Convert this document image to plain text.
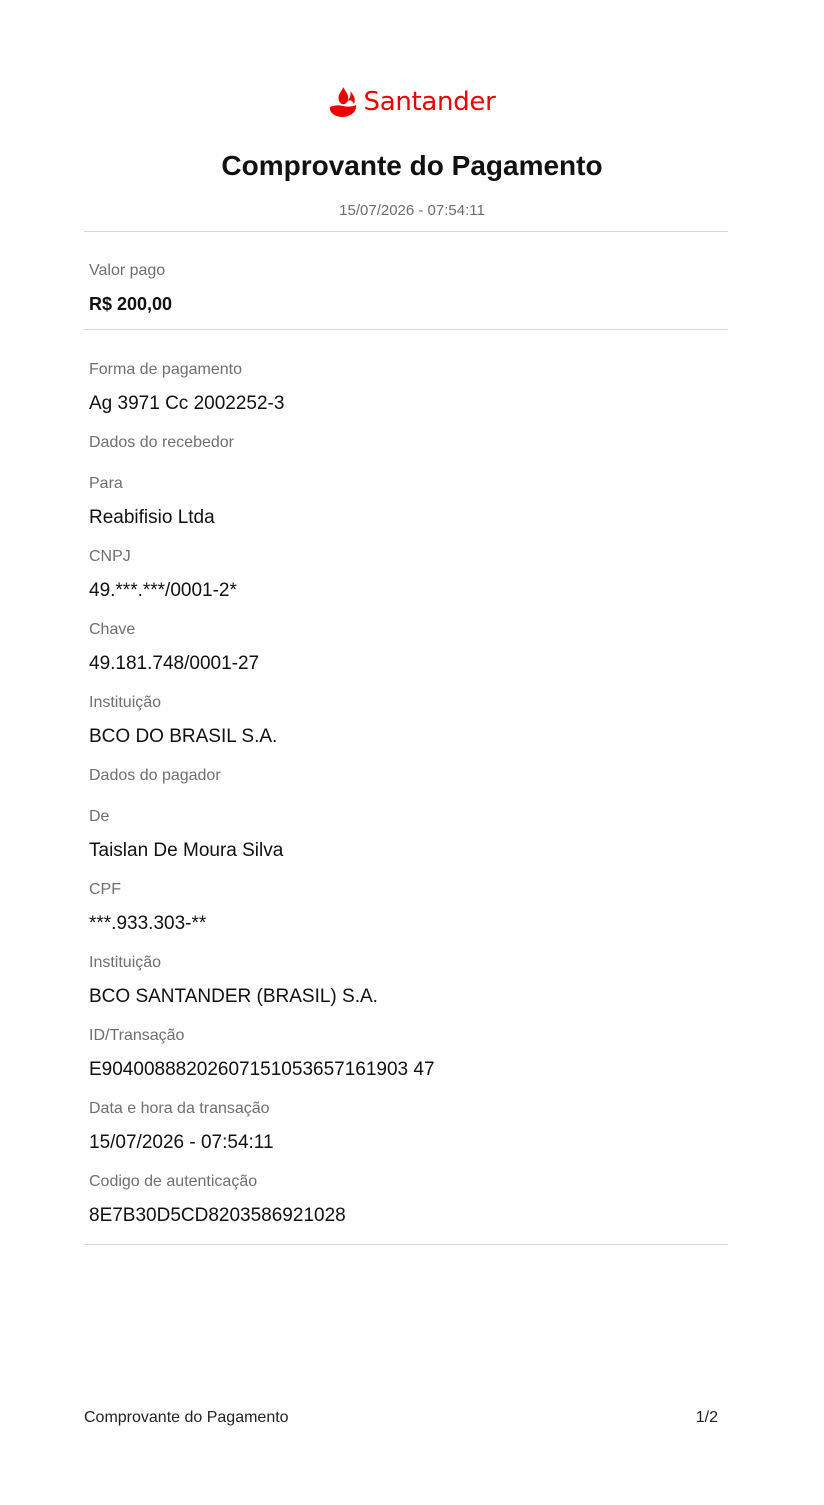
Santander
Comprovante do Pagamento
15/07/2026 - 07:54:11
Valor pago
R$ 200,00
Forma de pagamento
Ag 3971 Cc 2002252-3
Dados do recebedor
Para
Reabifisio Ltda
CNPJ
49.***.***/0001-2*
Chave
49.181.748/0001-27
Instituição
BCO DO BRASIL S.A.
Dados do pagador
De
Taislan De Moura Silva
CPF
***.933.303-**
Instituição
BCO SANTANDER (BRASIL) S.A.
ID/Transação
E90400888202607151053657161903 47
Data e hora da transação
15/07/2026 - 07:54:11
Codigo de autenticação
8E7B30D5CD8203586921028
Comprovante do Pagamento	1/2
